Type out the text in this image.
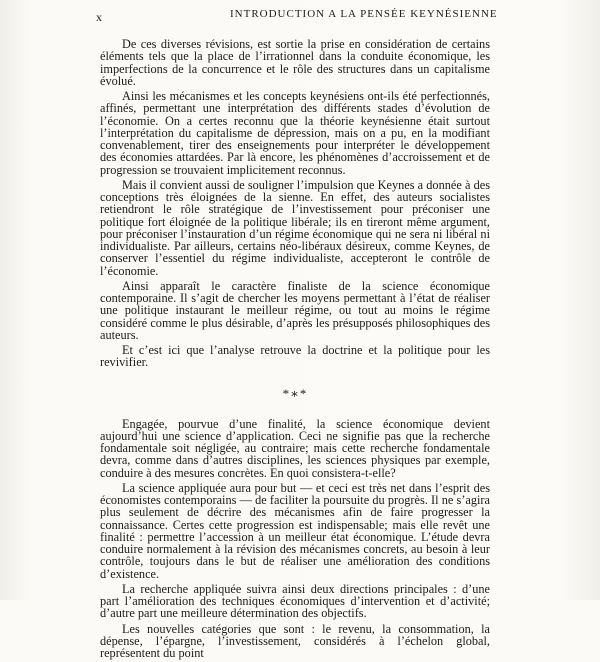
x	INTRODUCTION A LA PENSÉE KEYNÉSIENNE

De ces diverses révisions, est sortie la prise en considération de certains éléments tels que la place de l’irrationnel dans la conduite économique, les imperfections de la concurrence et le rôle des structures dans un capitalisme évolué.

Ainsi les mécanismes et les concepts keynésiens ont-ils été perfectionnés, affinés, permettant une interprétation des différents stades d’évolution de l’économie. On a certes reconnu que la théorie keynésienne était surtout l’interprétation du capitalisme de dépression, mais on a pu, en la modifiant convenablement, tirer des enseignements pour interpréter le développement des économies attardées. Par là encore, les phénomènes d’accroissement et de progression se trouvaient implicitement reconnus.

Mais il convient aussi de souligner l’impulsion que Keynes a donnée à des conceptions très éloignées de la sienne. En effet, des auteurs socialistes retiendront le rôle stratégique de l’investissement pour préconiser une politique fort éloignée de la politique libérale; ils en tireront même argument, pour préconiser l’instauration d’un régime économique qui ne sera ni libéral ni individualiste. Par ailleurs, certains néo-libéraux désireux, comme Keynes, de conserver l’essentiel du régime individualiste, accepteront le contrôle de l’économie.

Ainsi apparaît le caractère finaliste de la science économique contemporaine. Il s’agit de chercher les moyens permettant à l’état de réaliser une politique instaurant le meilleur régime, ou tout au moins le régime considéré comme le plus désirable, d’après les présupposés philosophiques des auteurs.

Et c’est ici que l’analyse retrouve la doctrine et la politique pour les revivifier.

*∗*

Engagée, pourvue d’une finalité, la science économique devient aujourd’hui une science d’application. Ceci ne signifie pas que la recherche fondamentale soit négligée, au contraire; mais cette recherche fondamentale devra, comme dans d’autres disciplines, les sciences physiques par exemple, conduire à des mesures concrètes. En quoi consistera-t-elle?

La science appliquée aura pour but — et ceci est très net dans l’esprit des économistes contemporains — de faciliter la poursuite du progrès. Il ne s’agira plus seulement de décrire des mécanismes afin de faire progresser la connaissance. Certes cette progression est indispensable; mais elle revêt une finalité : permettre l’accession à un meilleur état économique. L’étude devra conduire normalement à la révision des mécanismes concrets, au besoin à leur contrôle, toujours dans le but de réaliser une amélioration des conditions d’existence.

La recherche appliquée suivra ainsi deux directions principales : d’une part l’amélioration des techniques économiques d’intervention et d’activité; d’autre part une meilleure détermination des objectifs.

Les nouvelles catégories que sont : le revenu, la consommation, la dépense, l’épargne, l’investissement, considérés à l’échelon global, représentent du point
